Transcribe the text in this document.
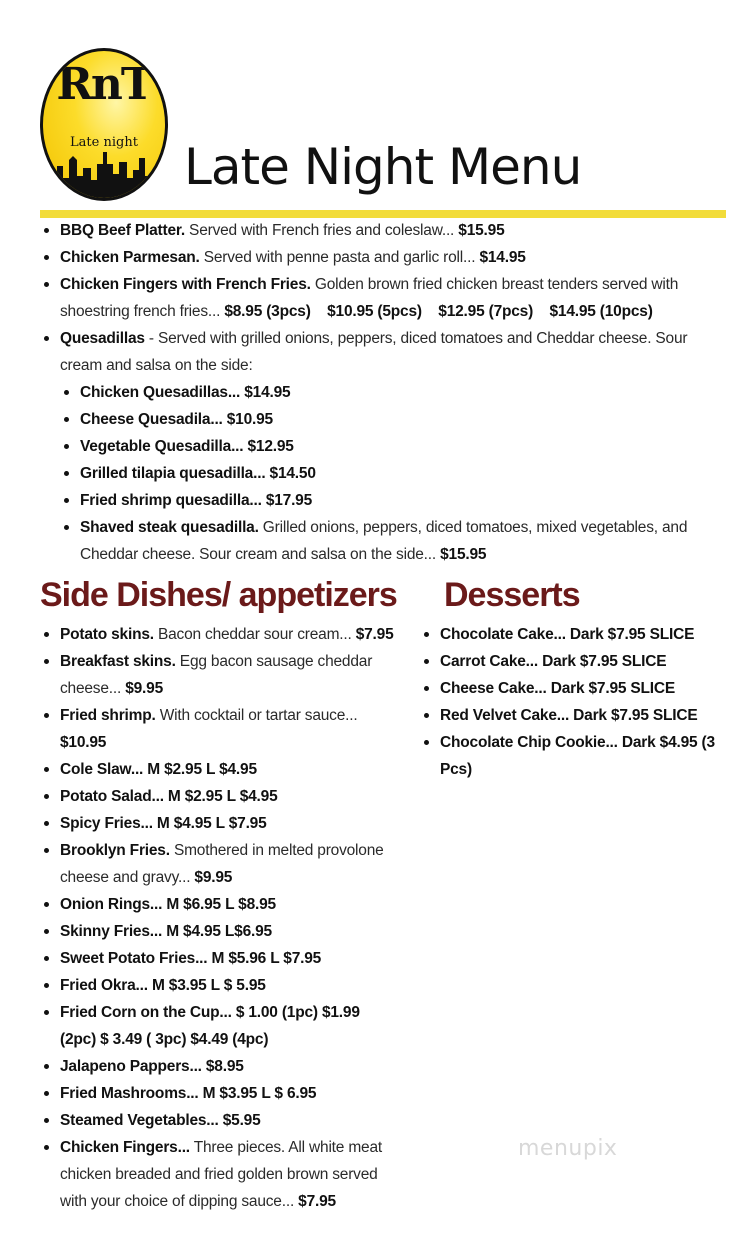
RnT
Late night Late Night Menu
BBQ Beef Platter. Served with French fries and coleslaw... $15.95
Chicken Parmesan. Served with penne pasta and garlic roll... $14.95
Chicken Fingers with French Fries. Golden brown fried chicken breast tenders served with shoestring french fries... $8.95 (3pcs)    $10.95 (5pcs)    $12.95 (7pcs)    $14.95 (10pcs)
Quesadillas - Served with grilled onions, peppers, diced tomatoes and Cheddar cheese. Sour cream and salsa on the side:
Chicken Quesadillas... $14.95
Cheese Quesadila... $10.95
Vegetable Quesadilla... $12.95
Grilled tilapia quesadilla... $14.50
Fried shrimp quesadilla... $17.95
Shaved steak quesadilla. Grilled onions, peppers, diced tomatoes, mixed vegetables, and Cheddar cheese. Sour cream and salsa on the side... $15.95
Side Dishes/ appetizers Desserts
Potato skins. Bacon cheddar sour cream... $7.95
Breakfast skins. Egg bacon sausage cheddar cheese... $9.95
Fried shrimp. With cocktail or tartar sauce... $10.95
Cole Slaw... M $2.95 L $4.95
Potato Salad... M $2.95 L $4.95
Spicy Fries... M $4.95 L $7.95
Brooklyn Fries. Smothered in melted provolone cheese and gravy... $9.95
Onion Rings... M $6.95 L $8.95
Skinny Fries... M $4.95 L$6.95
Sweet Potato Fries... M $5.96 L $7.95
Fried Okra... M $3.95 L $ 5.95
Fried Corn on the Cup... $ 1.00 (1pc) $1.99 (2pc) $ 3.49 ( 3pc) $4.49 (4pc)
Jalapeno Pappers... $8.95
Fried Mashrooms... M $3.95 L $ 6.95
Steamed Vegetables... $5.95
Chicken Fingers... Three pieces. All white meat chicken breaded and fried golden brown served with your choice of dipping sauce... $7.95
Chocolate Cake... Dark $7.95 SLICE
Carrot Cake... Dark $7.95 SLICE
Cheese Cake... Dark $7.95 SLICE
Red Velvet Cake... Dark $7.95 SLICE
Chocolate Chip Cookie... Dark $4.95 (3 Pcs)
menupix
